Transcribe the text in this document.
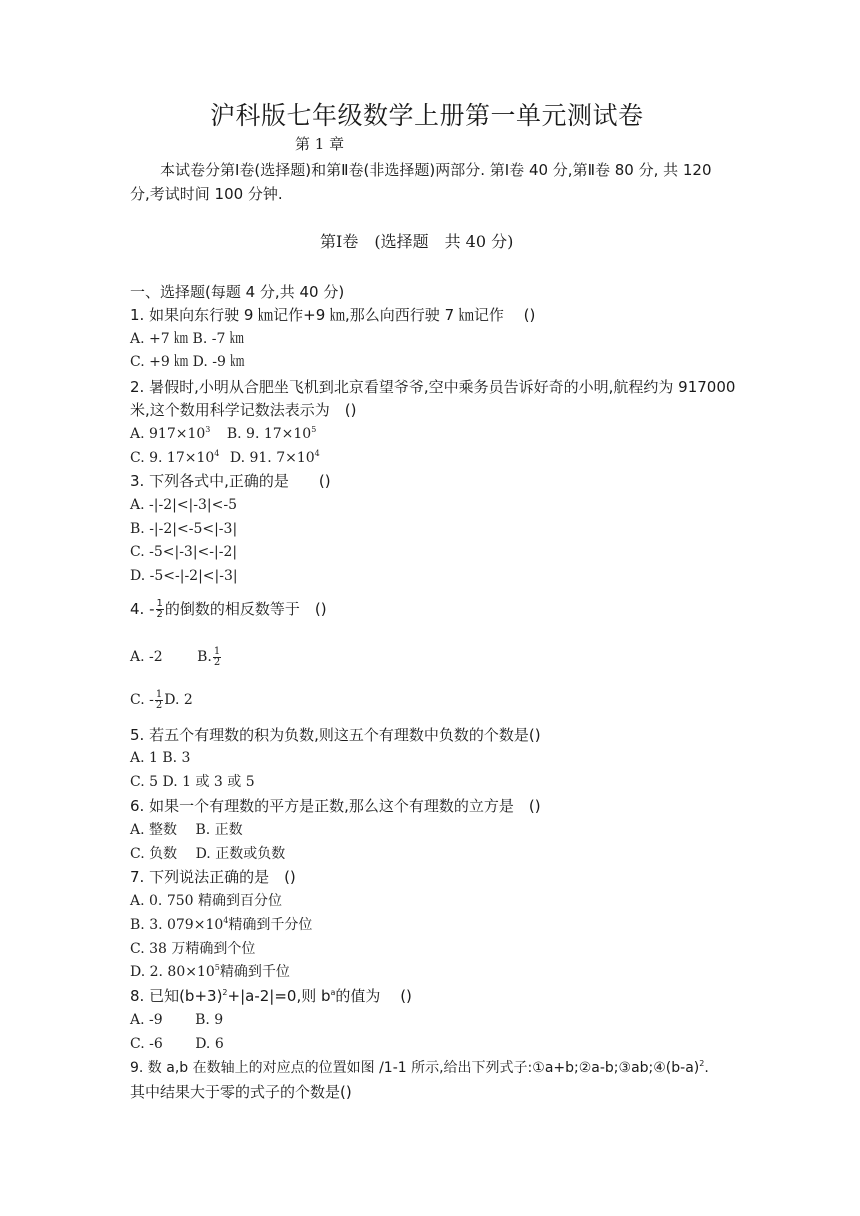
沪科版七年级数学上册第一单元测试卷
第 1 章
本试卷分第Ⅰ卷(选择题)和第Ⅱ卷(非选择题)两部分. 第Ⅰ卷 40 分,第Ⅱ卷 80 分, 共 120
分,考试时间 100 分钟.
第Ⅰ卷　(选择题　共 40 分)
一、选择题(每题 4 分,共 40 分)
1. 如果向东行驶 9 ㎞记作+9 ㎞,那么向西行驶 7 ㎞记作　 ()
A. +7 ㎞ B. -7 ㎞
C. +9 ㎞ D. -9 ㎞
2. 暑假时,小明从合肥坐飞机到北京看望爷爷,空中乘务员告诉好奇的小明,航程约为 917000
米,这个数用科学记数法表示为　()
A. $917\times 10^3$ B. 9. $17\times 10^5$
C. 9. $17\times 10^4$ D. 91. $7\times 10^4$
3. 下列各式中,正确的是　　()
A. -|-2|<|-3|<-5
B. -|-2|<-5<|-3|
C. -5<|-3|<-|-2|
D. -5<-|-2|<|-3|
4. - $\frac{1}{2}$ 的倒数的相反数等于　()
A. -2 B. $\frac{1}{2}$
C. - $\frac{1}{2} D$. 2
5. 若五个有理数的积为负数,则这五个有理数中负数的个数是()
A. 1 B. 3
C. 5 D. 1 或 3 或 5
6. 如果一个有理数的平方是正数,那么这个有理数的立方是　()
A. 整数　 B. 正数
C. 负数　 D. 正数或负数
7. 下列说法正确的是　()
A. 0. 750 精确到百分位
B. 3. $079\times 10^4$精确到千分位
C. 38 万精确到个位
D. 2. $80\times 10^5$精确到千位
8. 已知$(b+3)^2+|a-2|=0$,则 $b^a$的值为　 ()
A. -9　　 B. 9
C. -6　　 D. 6
9. 数 a,b 在数轴上的对应点的位置如图 /1-1 所示,给出下列式子$:①a+b;②a-b;③ab;④(b-a)^2$.
其中结果大于零的式子的个数是()
